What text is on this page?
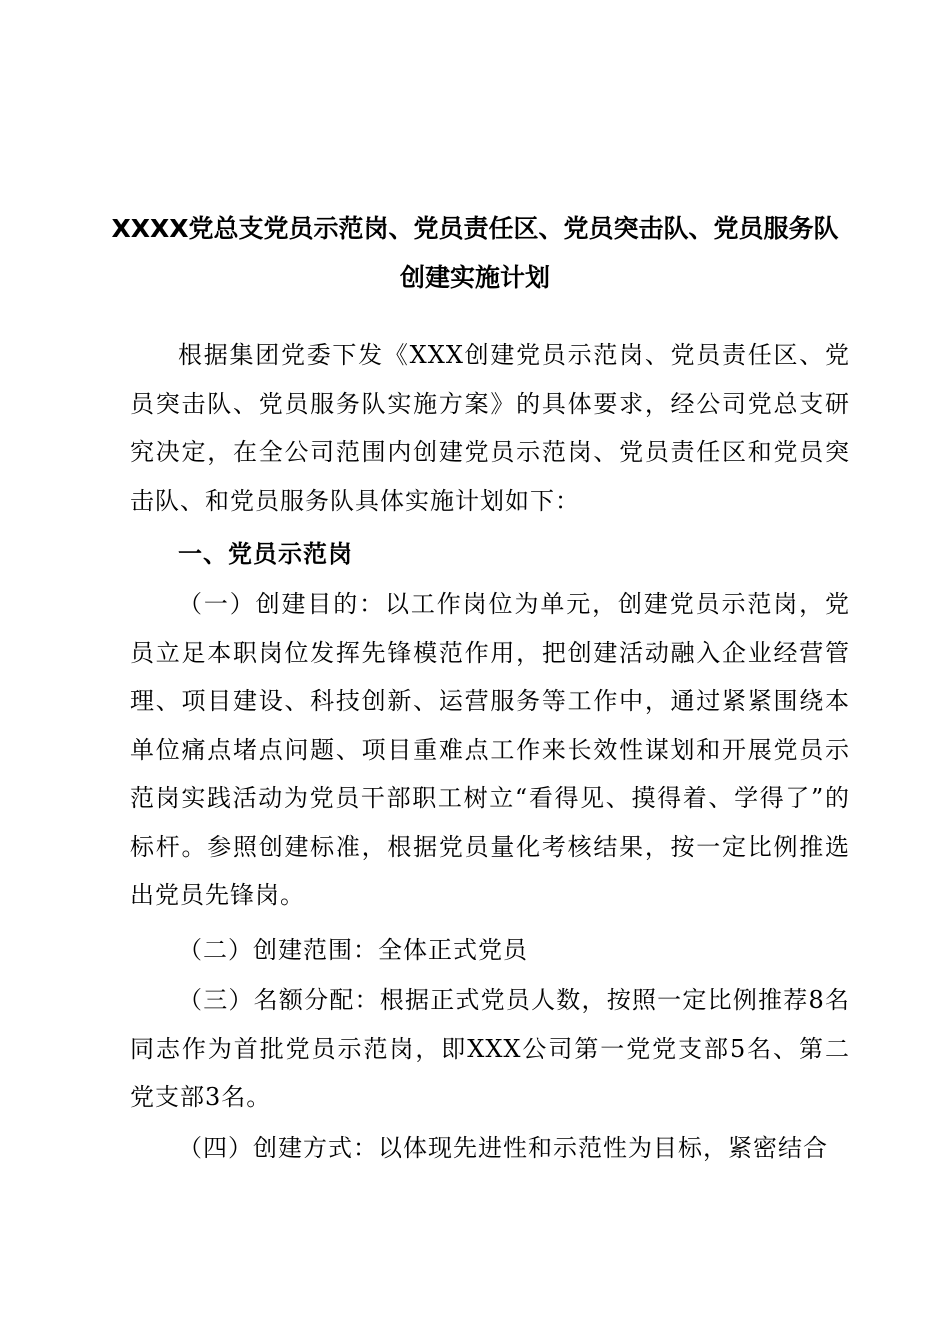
XXXX党总支党员示范岗、党员责任区、党员突击队、党员服务队
创建实施计划
根据集团党委下发《XXX创建党员示范岗、党员责任区、党员突击队、党员服务队实施方案》的具体要求，经公司党总支研究决定，在全公司范围内创建党员示范岗、党员责任区和党员突击队、和党员服务队具体实施计划如下：
一、党员示范岗
（一）创建目的：以工作岗位为单元，创建党员示范岗，党员立足本职岗位发挥先锋模范作用，把创建活动融入企业经营管理、项目建设、科技创新、运营服务等工作中，通过紧紧围绕本单位痛点堵点问题、项目重难点工作来长效性谋划和开展党员示范岗实践活动为党员干部职工树立“看得见、摸得着、学得了”的标杆。参照创建标准，根据党员量化考核结果，按一定比例推选出党员先锋岗。
（二）创建范围：全体正式党员
（三）名额分配：根据正式党员人数，按照一定比例推荐8名同志作为首批党员示范岗，即XXX公司第一党党支部5名、第二党支部3名。
（四）创建方式：以体现先进性和示范性为目标，紧密结合
